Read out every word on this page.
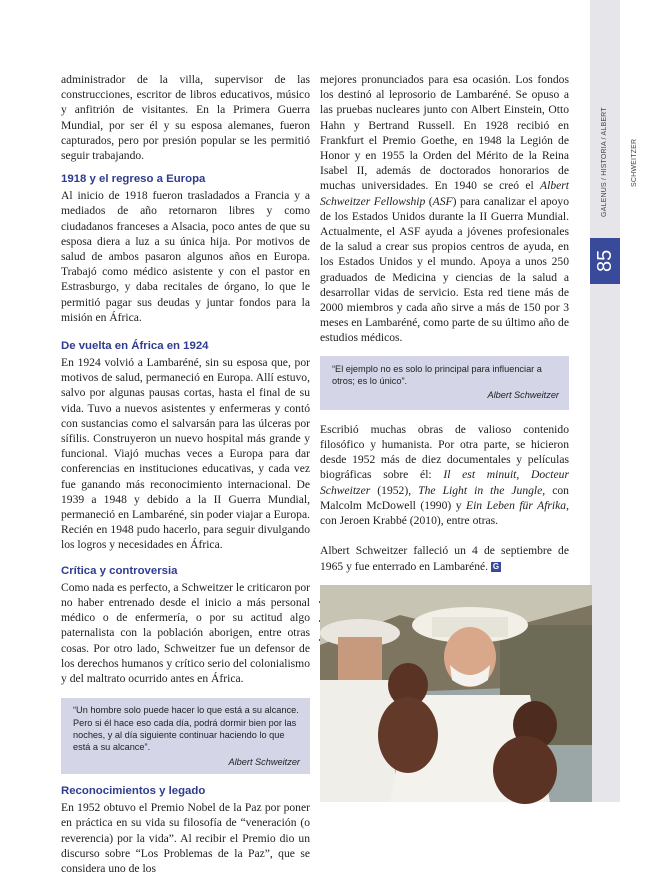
GALENUS / HISTORIA / ALBERT SCHWEITZER
85

administrador de la villa, supervisor de las construcciones, escritor de libros educativos, músico y anfitrión de visitantes. En la Primera Guerra Mundial, por ser él y su esposa alemanes, fueron capturados, pero por presión popular se les permitió seguir trabajando.

1918 y el regreso a Europa

Al inicio de 1918 fueron trasladados a Francia y a mediados de año retornaron libres y como ciudadanos franceses a Alsacia, poco antes de que su esposa diera a luz a su única hija. Por motivos de salud de ambos pasaron algunos años en Europa. Trabajó como médico asistente y con el pastor en Estrasburgo, y daba recitales de órgano, lo que le permitió pagar sus deudas y juntar fondos para la misión en África.

De vuelta en África en 1924

En 1924 volvió a Lambaréné, sin su esposa que, por motivos de salud, permaneció en Europa. Allí estuvo, salvo por algunas pausas cortas, hasta el final de su vida. Tuvo a nuevos asistentes y enfermeras y contó con sustancias como el salvarsán para las úlceras por sífilis. Construyeron un nuevo hospital más grande y funcional. Viajó muchas veces a Europa para dar conferencias en instituciones educativas, y cada vez fue ganando más reconocimiento internacional. De 1939 a 1948 y debido a la II Guerra Mundial, permaneció en Lambaréné, sin poder viajar a Europa. Recién en 1948 pudo hacerlo, para seguir divulgando los logros y necesidades en África.

Crítica y controversia

Como nada es perfecto, a Schweitzer le criticaron por no haber entrenado desde el inicio a más personal médico o de enfermería, o por su actitud algo paternalista con la población aborigen, entre otras cosas. Por otro lado, Schweitzer fue un defensor de los derechos humanos y crítico serio del colonialismo y del maltrato ocurrido antes en África.

“Un hombre solo puede hacer lo que está a su alcance. Pero si él hace eso cada día, podrá dormir bien por las noches, y al día siguiente continuar haciendo lo que está a su alcance”.
Albert Schweitzer
Reconocimientos y legado

En 1952 obtuvo el Premio Nobel de la Paz por poner en práctica en su vida su filosofía de “veneración (o reverencia) por la vida”. Al recibir el Premio dio un discurso sobre “Los Problemas de la Paz”, que se considera uno de los

mejores pronunciados para esa ocasión. Los fondos los destinó al leprosorio de Lambaréné. Se opuso a las pruebas nucleares junto con Albert Einstein, Otto Hahn y Bertrand Russell. En 1928 recibió en Frankfurt el Premio Goethe, en 1948 la Legión de Honor y en 1955 la Orden del Mérito de la Reina Isabel II, además de doctorados honorarios de muchas universidades. En 1940 se creó el Albert Schweitzer Fellowship (ASF) para canalizar el apoyo de los Estados Unidos durante la II Guerra Mundial. Actualmente, el ASF ayuda a jóvenes profesionales de la salud a crear sus propios centros de ayuda, en los Estados Unidos y el mundo. Apoya a unos 250 graduados de Medicina y ciencias de la salud a desarrollar vidas de servicio. Esta red tiene más de 2000 miembros y cada año sirve a más de 150 por 3 meses en Lambaréné, como parte de su último año de estudios médicos.

“El ejemplo no es solo lo principal para influenciar a otros; es lo único”.
Albert Schweitzer

Escribió muchas obras de valioso contenido filosófico y humanista. Por otra parte, se hicieron desde 1952 más de diez documentales y películas biográficas sobre él: Il est minuit, Docteur Schweitzer (1952), The Light in the Jungle, con Malcolm McDowell (1990) y Ein Leben für Afrika, con Jeroen Krabbé (2010), entre otras.

Albert Schweitzer falleció un 4 de septiembre de 1965 y fue enterrado en Lambaréné. G

•
•
•
